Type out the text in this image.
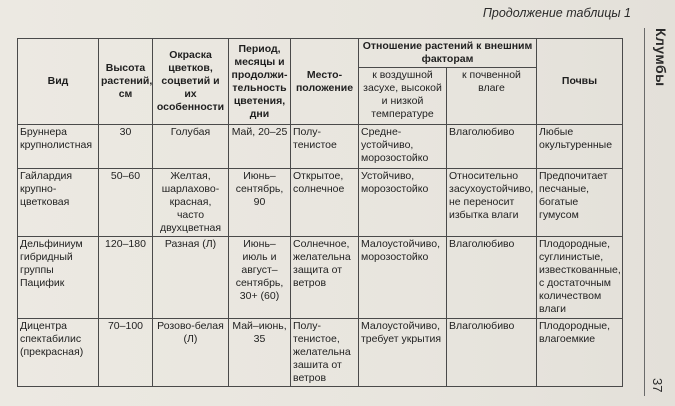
Продолжение таблицы 1
Клумбы
37
Вид	Высота растений, см	Окраска цветков, соцветий и их особенности	Период, месяцы и продолжи-тельность цветения, дни	Место-положение	Отношение растений к внешним факторам		Почвы
					к воздушной засухе, высокой и низкой температуре	к почвенной влаге	
Бруннера крупнолистная	30	Голубая	Май, 20–25	Полу-тенистое	Средне-устойчиво, морозостойко	Влаголюбиво	Любые окультуренные
Гайлардия крупно-цветковая	50–60	Желтая, шарлахово-красная, часто двухцветная	Июнь–сентябрь, 90	Открытое, солнечное	Устойчиво, морозостойко	Относительно засухоустойчиво, не переносит избытка влаги	Предпочитает песчаные, богатые гумусом
Дельфиниум гибридный группы Пацифик	120–180	Разная (Л)	Июнь–июль и август–сентябрь, 30+ (60)	Солнечное, желательна защита от ветров	Малоустойчиво, морозостойко	Влаголюбиво	Плодородные, суглинистые, известкованные, с достаточным количеством влаги
Дицентра спектабилис (прекрасная)	70–100	Розово-белая (Л)	Май–июнь, 35	Полу-тенистое, желательна зашита от ветров	Малоустойчиво, требует укрытия	Влаголюбиво	Плодородные, влагоемкие
